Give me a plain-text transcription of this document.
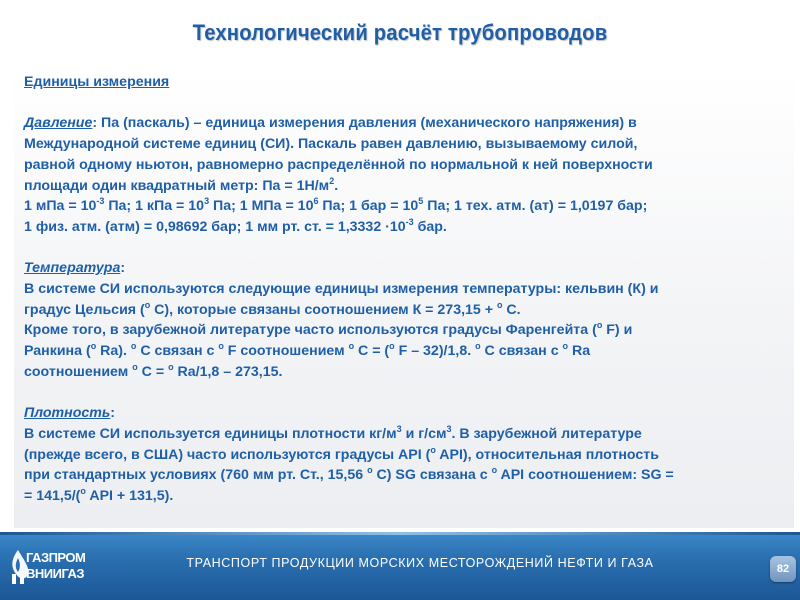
Технологический расчёт трубопроводов

Единицы измерения

Давление: Па (паскаль) – единица измерения давления (механического напряжения) в

Международной системе единиц (СИ). Паскаль равен давлению, вызываемому силой,

равной одному ньютон, равномерно распределённой по нормальной к ней поверхности

площади один квадратный метр: Па = $1Н/м^2$.

1 мПа = $10^{-3}$ Па; 1 кПа = $10^3$ Па; 1 МПа = $10^6$ Па; 1 бар = $10^5$ Па; 1 тех. атм. (ат) = 1,0197 бар;

1 физ. атм. (атм) = 0,98692 бар; 1 мм рт. ст. = $1,3332 \cdot 10^{-3}$ бар.

Температура:

В системе СИ используются следующие единицы измерения температуры: кельвин (К) и

градус Цельсия ($^o$ С), которые связаны соотношением К = 273,15 + $^o$ С.

Кроме того, в зарубежной литературе часто используются градусы Фаренгейта ($^o$ F) и

Ранкина ($^o$ Ra). $^o$ С связан с $^o$ F соотношением $^o$ С = ($^o$ F – 32)/1,8. $^o$ С связан с $^o$ Ra

соотношением $^o$ С = $^o$ Ra/1,8 – 273,15.

Плотность:

В системе СИ используется единицы плотности $кг/м^3$ и $г/см^3$. В зарубежной литературе

(прежде всего, в США) часто используются градусы API ($^o$ API), относительная плотность

при стандартных условиях (760 мм рт. Ст., 15,56 $^o$ С) SG связана с $^o$ API соотношением: SG =

= 141,5/($^o$ API + 131,5).

ГАЗПРОМ
ВНИИГАЗ
ТРАНСПОРТ ПРОДУКЦИИ МОРСКИХ МЕСТОРОЖДЕНИЙ НЕФТИ И ГАЗА	82
